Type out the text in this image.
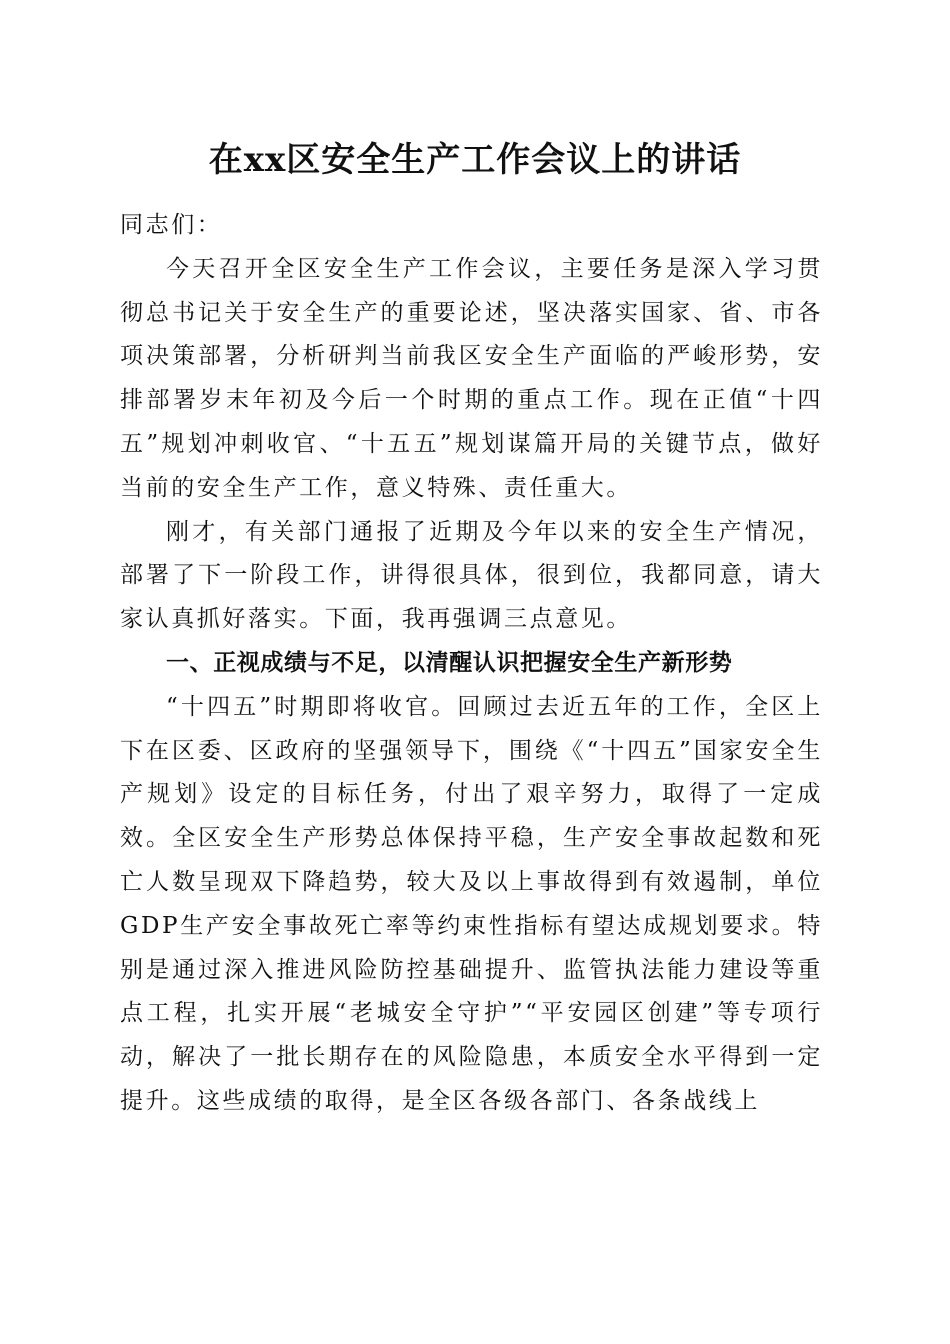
在xx区安全生产工作会议上的讲话

同志们：

今天召开全区安全生产工作会议，主要任务是深入学习贯彻总书记关于安全生产的重要论述，坚决落实国家、省、市各项决策部署，分析研判当前我区安全生产面临的严峻形势，安排部署岁末年初及今后一个时期的重点工作。现在正值“十四五”规划冲刺收官、“十五五”规划谋篇开局的关键节点，做好当前的安全生产工作，意义特殊、责任重大。

刚才，有关部门通报了近期及今年以来的安全生产情况，部署了下一阶段工作，讲得很具体，很到位，我都同意，请大家认真抓好落实。下面，我再强调三点意见。

一、正视成绩与不足，以清醒认识把握安全生产新形势

“十四五”时期即将收官。回顾过去近五年的工作，全区上下在区委、区政府的坚强领导下，围绕《“十四五”国家安全生产规划》设定的目标任务，付出了艰辛努力，取得了一定成效。全区安全生产形势总体保持平稳，生产安全事故起数和死亡人数呈现双下降趋势，较大及以上事故得到有效遏制，单位GDP生产安全事故死亡率等约束性指标有望达成规划要求。特别是通过深入推进风险防控基础提升、监管执法能力建设等重点工程，扎实开展“老城安全守护”“平安园区创建”等专项行动，解决了一批长期存在的风险隐患，本质安全水平得到一定提升。这些成绩的取得，是全区各级各部门、各条战线上
